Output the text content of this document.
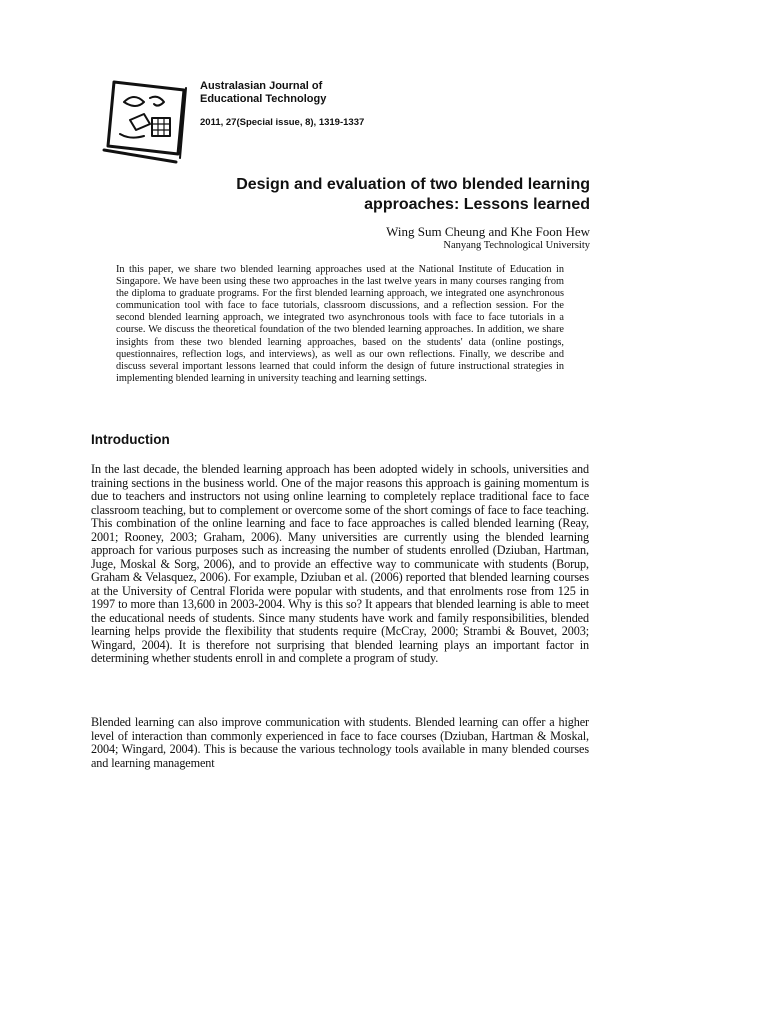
Australasian Journal of
Educational Technology
2011, 27(Special issue, 8), 1319-1337
Design and evaluation of two blended learning
approaches: Lessons learned
Wing Sum Cheung and Khe Foon Hew
Nanyang Technological University

In this paper, we share two blended learning approaches used at the National Institute of Education in Singapore. We have been using these two approaches in the last twelve years in many courses ranging from the diploma to graduate programs. For the first blended learning approach, we integrated one asynchronous communication tool with face to face tutorials, classroom discussions, and a reflection session. For the second blended learning approach, we integrated two asynchronous tools with face to face tutorials in a course. We discuss the theoretical foundation of the two blended learning approaches. In addition, we share insights from these two blended learning approaches, based on the students' data (online postings, questionnaires, reflection logs, and interviews), as well as our own reflections. Finally, we describe and discuss several important lessons learned that could inform the design of future instructional strategies in implementing blended learning in university teaching and learning settings.

Introduction

In the last decade, the blended learning approach has been adopted widely in schools, universities and training sections in the business world. One of the major reasons this approach is gaining momentum is due to teachers and instructors not using online learning to completely replace traditional face to face classroom teaching, but to complement or overcome some of the short comings of face to face teaching. This combination of the online learning and face to face approaches is called blended learning (Reay, 2001; Rooney, 2003; Graham, 2006). Many universities are currently using the blended learning approach for various purposes such as increasing the number of students enrolled (Dziuban, Hartman, Juge, Moskal & Sorg, 2006), and to provide an effective way to communicate with students (Borup, Graham & Velasquez, 2006). For example, Dziuban et al. (2006) reported that blended learning courses at the University of Central Florida were popular with students, and that enrolments rose from 125 in 1997 to more than 13,600 in 2003-2004. Why is this so? It appears that blended learning is able to meet the educational needs of students. Since many students have work and family responsibilities, blended learning helps provide the flexibility that students require (McCray, 2000; Strambi & Bouvet, 2003; Wingard, 2004). It is therefore not surprising that blended learning plays an important factor in determining whether students enroll in and complete a program of study.

Blended learning can also improve communication with students. Blended learning can offer a higher level of interaction than commonly experienced in face to face courses (Dziuban, Hartman & Moskal, 2004; Wingard, 2004). This is because the various technology tools available in many blended courses and learning management
